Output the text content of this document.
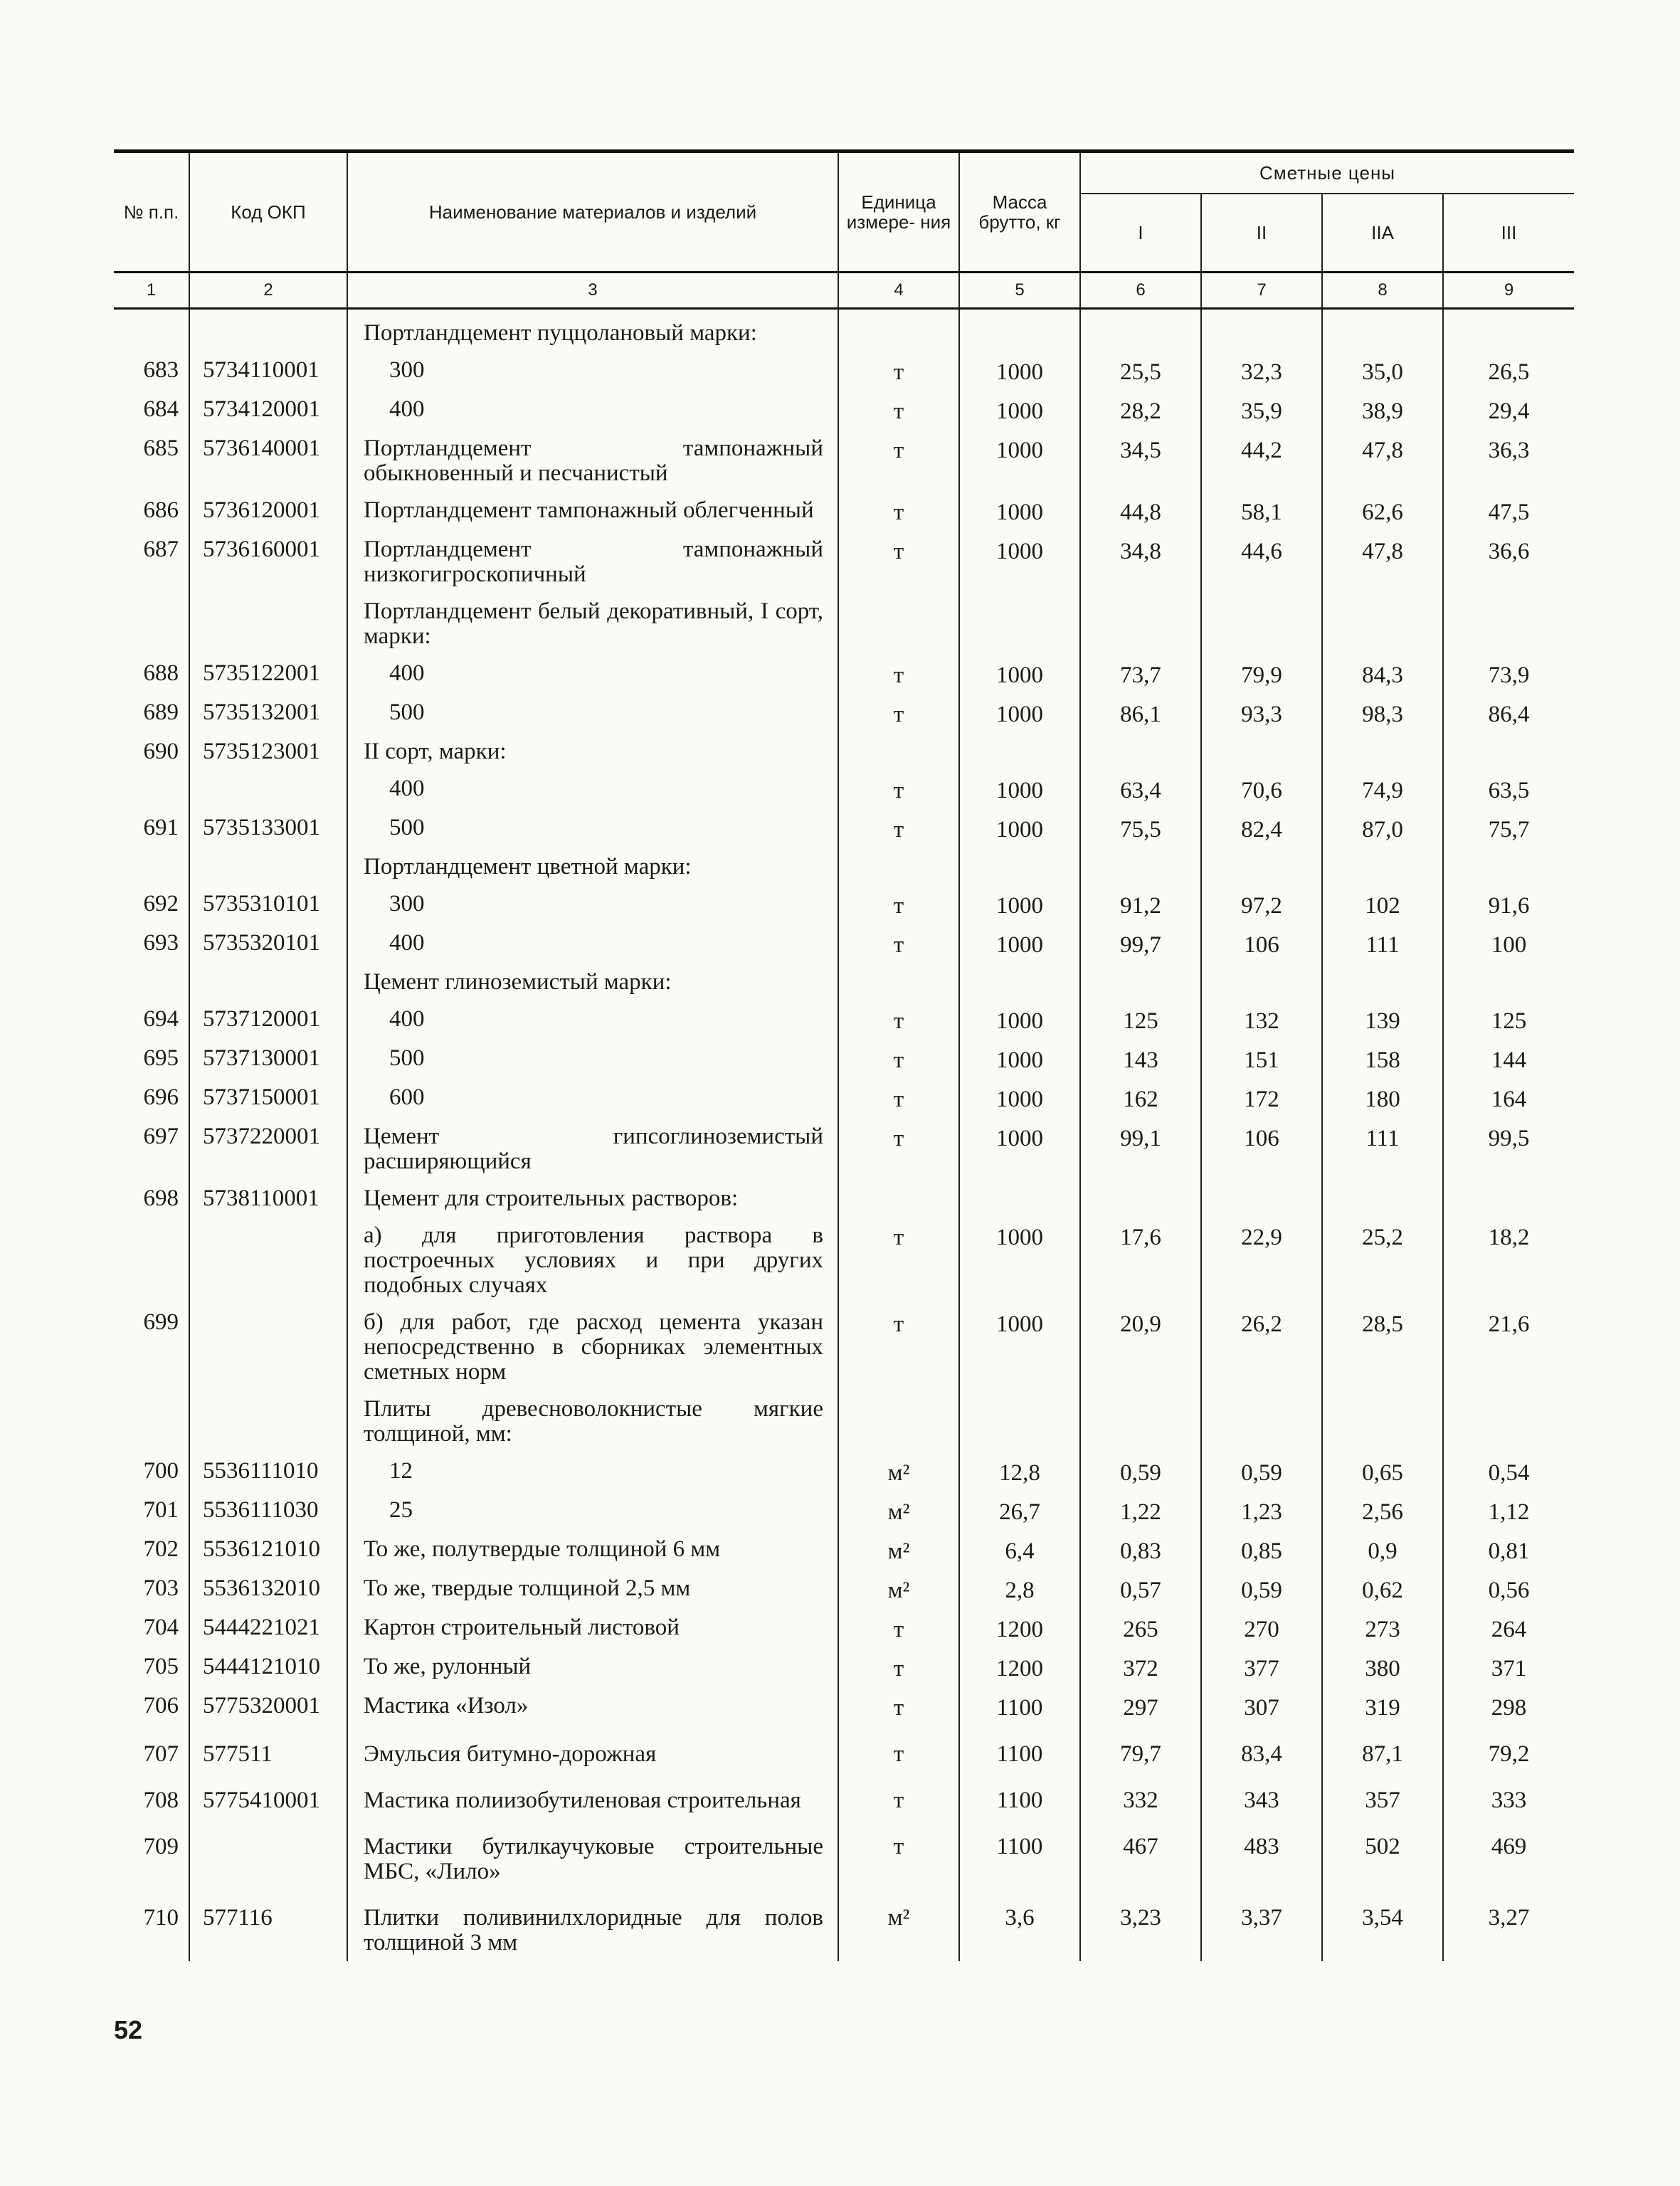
№ п.п.	Код ОКП	Наименование материалов и изделий	Единица измере- ния	Масса брутто, кг	Сметные цены			
					I	II	IIA	III
1	2	3	4	5	6	7	8	9
		Портландцемент пуццолановый марки:						
683	5734110001	300	т	1000	25,5	32,3	35,0	26,5
684	5734120001	400	т	1000	28,2	35,9	38,9	29,4
685	5736140001	Портландцемент тампонажный обыкновенный и песчанистый	т	1000	34,5	44,2	47,8	36,3
686	5736120001	Портландцемент тампонажный облегченный	т	1000	44,8	58,1	62,6	47,5
687	5736160001	Портландцемент тампонажный низкогигроскопичный	т	1000	34,8	44,6	47,8	36,6
		Портландцемент белый декоративный, I сорт, марки:						
688	5735122001	400	т	1000	73,7	79,9	84,3	73,9
689	5735132001	500	т	1000	86,1	93,3	98,3	86,4
690	5735123001	II сорт, марки:						
		400	т	1000	63,4	70,6	74,9	63,5
691	5735133001	500	т	1000	75,5	82,4	87,0	75,7
		Портландцемент цветной марки:						
692	5735310101	300	т	1000	91,2	97,2	102	91,6
693	5735320101	400	т	1000	99,7	106	111	100
		Цемент глиноземистый марки:						
694	5737120001	400	т	1000	125	132	139	125
695	5737130001	500	т	1000	143	151	158	144
696	5737150001	600	т	1000	162	172	180	164
697	5737220001	Цемент гипсоглиноземистый расширяющийся	т	1000	99,1	106	111	99,5
698	5738110001	Цемент для строительных растворов:						
		а) для приготовления раствора в построечных условиях и при других подобных случаях	т	1000	17,6	22,9	25,2	18,2
699		б) для работ, где расход цемента указан непосредственно в сборниках элементных сметных норм	т	1000	20,9	26,2	28,5	21,6
		Плиты древесноволокнистые мягкие толщиной, мм:						
700	5536111010	12	м²	12,8	0,59	0,59	0,65	0,54
701	5536111030	25	м²	26,7	1,22	1,23	2,56	1,12
702	5536121010	То же, полутвердые толщиной 6 мм	м²	6,4	0,83	0,85	0,9	0,81
703	5536132010	То же, твердые толщиной 2,5 мм	м²	2,8	0,57	0,59	0,62	0,56
704	5444221021	Картон строительный листовой	т	1200	265	270	273	264
705	5444121010	То же, рулонный	т	1200	372	377	380	371
706	5775320001	Мастика «Изол»	т	1100	297	307	319	298
707	577511	Эмульсия битумно-дорожная	т	1100	79,7	83,4	87,1	79,2
708	5775410001	Мастика полиизобутиленовая строительная	т	1100	332	343	357	333
709		Мастики бутилкаучуковые строительные МБС, «Лило»	т	1100	467	483	502	469
710	577116	Плитки поливинилхлоридные для полов толщиной 3 мм	м²	3,6	3,23	3,37	3,54	3,27
52
